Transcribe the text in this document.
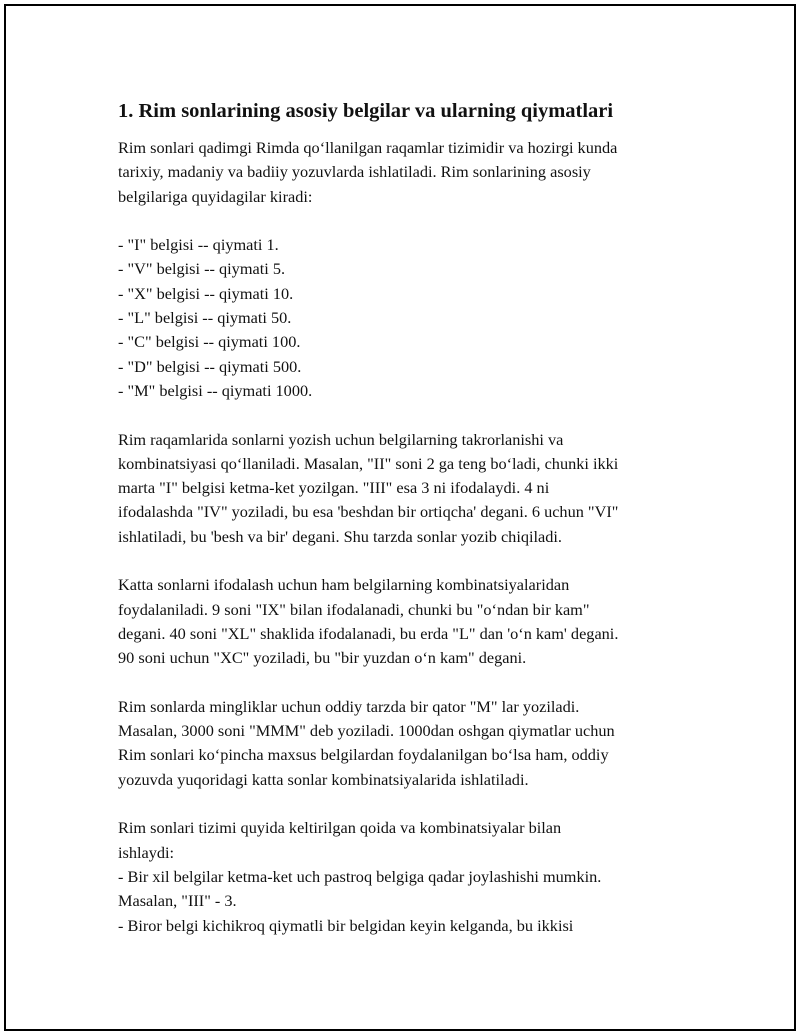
1. Rim sonlarining asosiy belgilar va ularning qiymatlari

Rim sonlari qadimgi Rimda qo‘llanilgan raqamlar tizimidir va hozirgi kunda

tarixiy, madaniy va badiiy yozuvlarda ishlatiladi. Rim sonlarining asosiy

belgilariga quyidagilar kiradi:

- "I" belgisi -- qiymati 1.

- "V" belgisi -- qiymati 5.

- "X" belgisi -- qiymati 10.

- "L" belgisi -- qiymati 50.

- "C" belgisi -- qiymati 100.

- "D" belgisi -- qiymati 500.

- "M" belgisi -- qiymati 1000.

Rim raqamlarida sonlarni yozish uchun belgilarning takrorlanishi va

kombinatsiyasi qo‘llaniladi. Masalan, "II" soni 2 ga teng bo‘ladi, chunki ikki

marta "I" belgisi ketma-ket yozilgan. "III" esa 3 ni ifodalaydi. 4 ni

ifodalashda "IV" yoziladi, bu esa 'beshdan bir ortiqcha' degani. 6 uchun "VI"

ishlatiladi, bu 'besh va bir' degani. Shu tarzda sonlar yozib chiqiladi.

Katta sonlarni ifodalash uchun ham belgilarning kombinatsiyalaridan

foydalaniladi. 9 soni "IX" bilan ifodalanadi, chunki bu "o‘ndan bir kam"

degani. 40 soni "XL" shaklida ifodalanadi, bu erda "L" dan 'o‘n kam' degani.

90 soni uchun "XC" yoziladi, bu "bir yuzdan o‘n kam" degani.

Rim sonlarda mingliklar uchun oddiy tarzda bir qator "M" lar yoziladi.

Masalan, 3000 soni "MMM" deb yoziladi. 1000dan oshgan qiymatlar uchun

Rim sonlari ko‘pincha maxsus belgilardan foydalanilgan bo‘lsa ham, oddiy

yozuvda yuqoridagi katta sonlar kombinatsiyalarida ishlatiladi.

Rim sonlari tizimi quyida keltirilgan qoida va kombinatsiyalar bilan

ishlaydi:

- Bir xil belgilar ketma-ket uch pastroq belgiga qadar joylashishi mumkin.

Masalan, "III" - 3.

- Biror belgi kichikroq qiymatli bir belgidan keyin kelganda, bu ikkisi
